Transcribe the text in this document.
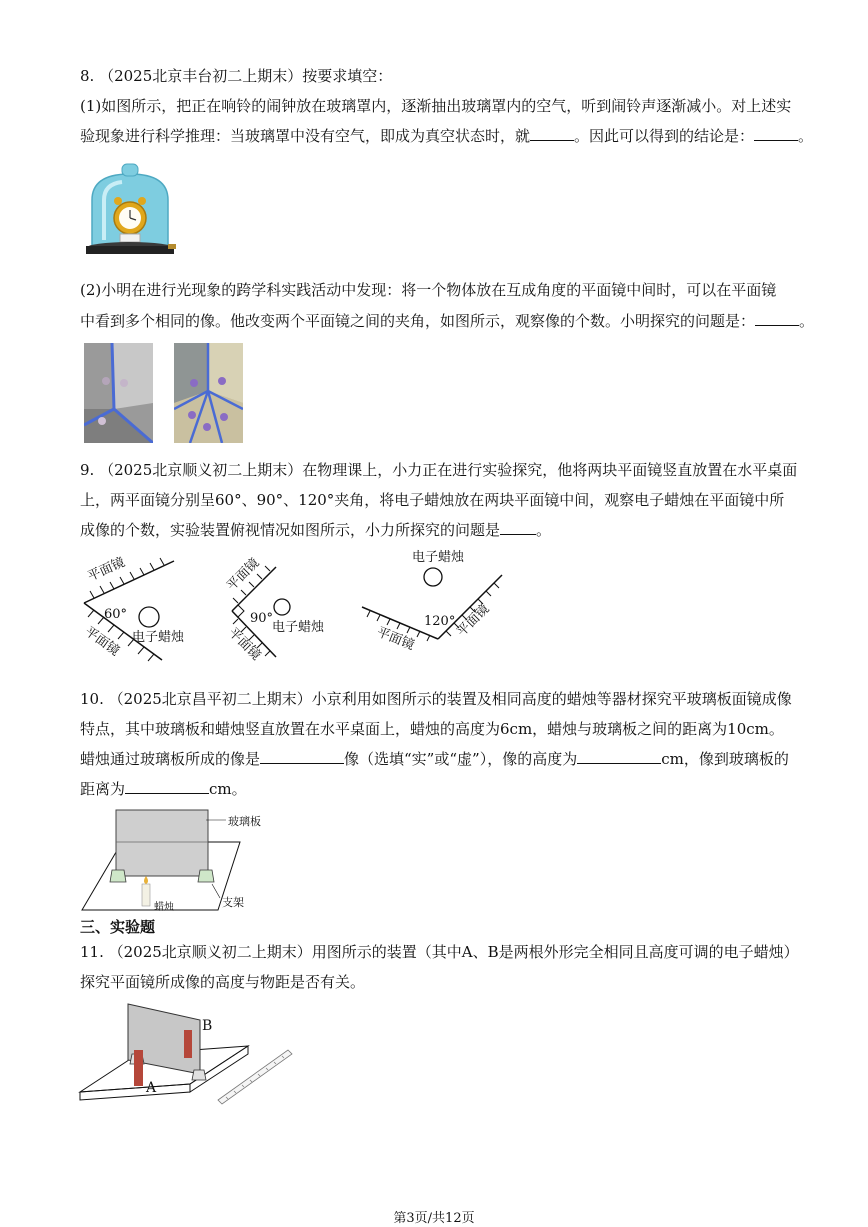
8. （2025北京丰台初二上期末）按要求填空：
(1)如图所示，把正在响铃的闹钟放在玻璃罩内，逐渐抽出玻璃罩内的空气，听到闹铃声逐渐减小。对上述实
验现象进行科学推理：当玻璃罩中没有空气，即成为真空状态时，就	。因此可以得到的结论是：	。
(2)小明在进行光现象的跨学科实践活动中发现：将一个物体放在互成角度的平面镜中间时，可以在平面镜
中看到多个相同的像。他改变两个平面镜之间的夹角，如图所示，观察像的个数。小明探究的问题是：	。
9. （2025北京顺义初二上期末）在物理课上，小力正在进行实验探究，他将两块平面镜竖直放置在水平桌面
上，两平面镜分别呈60°、90°、120°夹角，将电子蜡烛放在两块平面镜中间，观察电子蜡烛在平面镜中所
成像的个数，实验装置俯视情况如图所示，小力所探究的问题是 。
平面镜
平面镜
60°
电子蜡烛
平面镜
平面镜
90°
电子蜡烛
电子蜡烛
平面镜	平面镜
120°
10. （2025北京昌平初二上期末）小京利用如图所示的装置及相同高度的蜡烛等器材探究平玻璃板面镜成像
特点，其中玻璃板和蜡烛竖直放置在水平桌面上，蜡烛的高度为6cm，蜡烛与玻璃板之间的距离为10cm。
蜡烛通过玻璃板所成的像是	像（选填“实”或“虚”），像的高度为	cm，像到玻璃板的
距离为	cm。
玻璃板
蜡烛	支架
三、实验题
11. （2025北京顺义初二上期末）用图所示的装置（其中A、B是两根外形完全相同且高度可调的电子蜡烛）
探究平面镜所成像的高度与物距是否有关。
B
A
第3页/共12页
